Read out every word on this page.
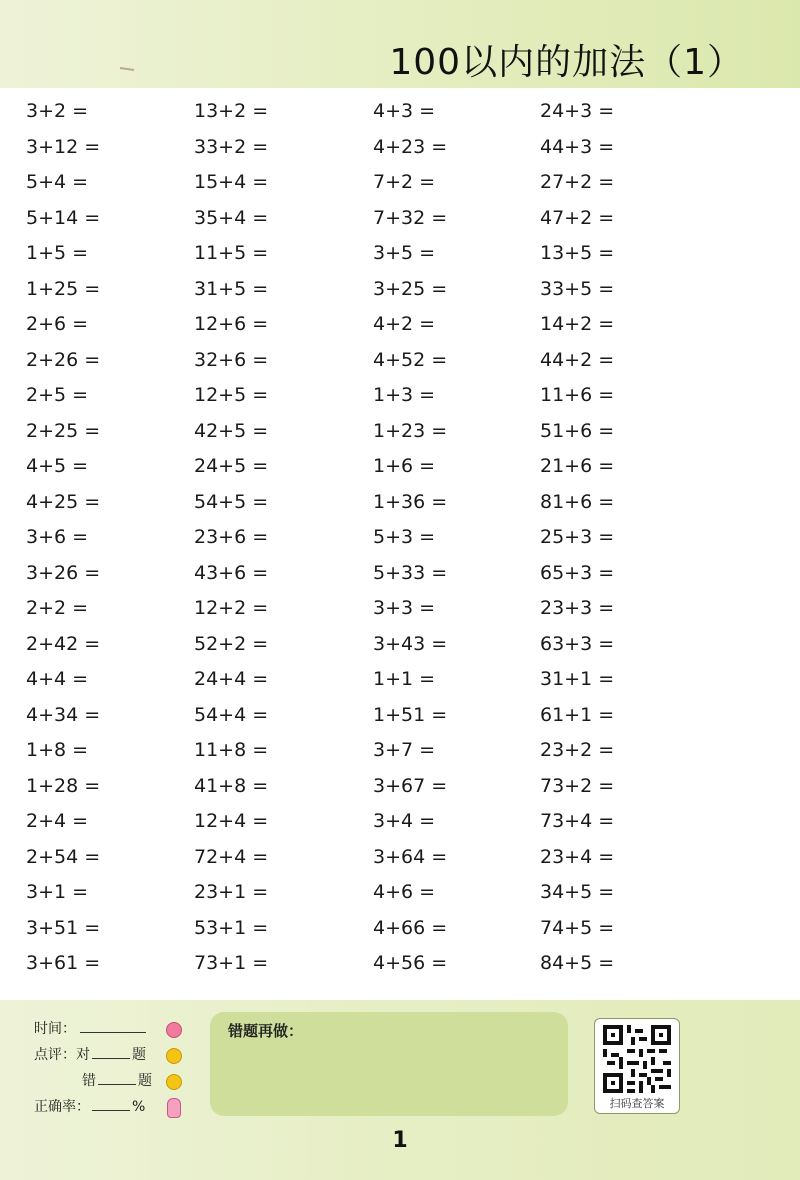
100以内的加法（1）
3+2 =	13+2 =	4+3 =	24+3 =
3+12 =	33+2 =	4+23 =	44+3 =
5+4 =	15+4 =	7+2 =	27+2 =
5+14 =	35+4 =	7+32 =	47+2 =
1+5 =	11+5 =	3+5 =	13+5 =
1+25 =	31+5 =	3+25 =	33+5 =
2+6 =	12+6 =	4+2 =	14+2 =
2+26 =	32+6 =	4+52 =	44+2 =
2+5 =	12+5 =	1+3 =	11+6 =
2+25 =	42+5 =	1+23 =	51+6 =
4+5 =	24+5 =	1+6 =	21+6 =
4+25 =	54+5 =	1+36 =	81+6 =
3+6 =	23+6 =	5+3 =	25+3 =
3+26 =	43+6 =	5+33 =	65+3 =
2+2 =	12+2 =	3+3 =	23+3 =
2+42 =	52+2 =	3+43 =	63+3 =
4+4 =	24+4 =	1+1 =	31+1 =
4+34 =	54+4 =	1+51 =	61+1 =
1+8 =	11+8 =	3+7 =	23+2 =
1+28 =	41+8 =	3+67 =	73+2 =
2+4 =	12+4 =	3+4 =	73+4 =
2+54 =	72+4 =	3+64 =	23+4 =
3+1 =	23+1 =	4+6 =	34+5 =
3+51 =	53+1 =	4+66 =	74+5 =
3+61 =	73+1 =	4+56 =	84+5 =
时间：
点评：对	题
错	题
正确率：	%
错题再做：
扫码查答案
1
